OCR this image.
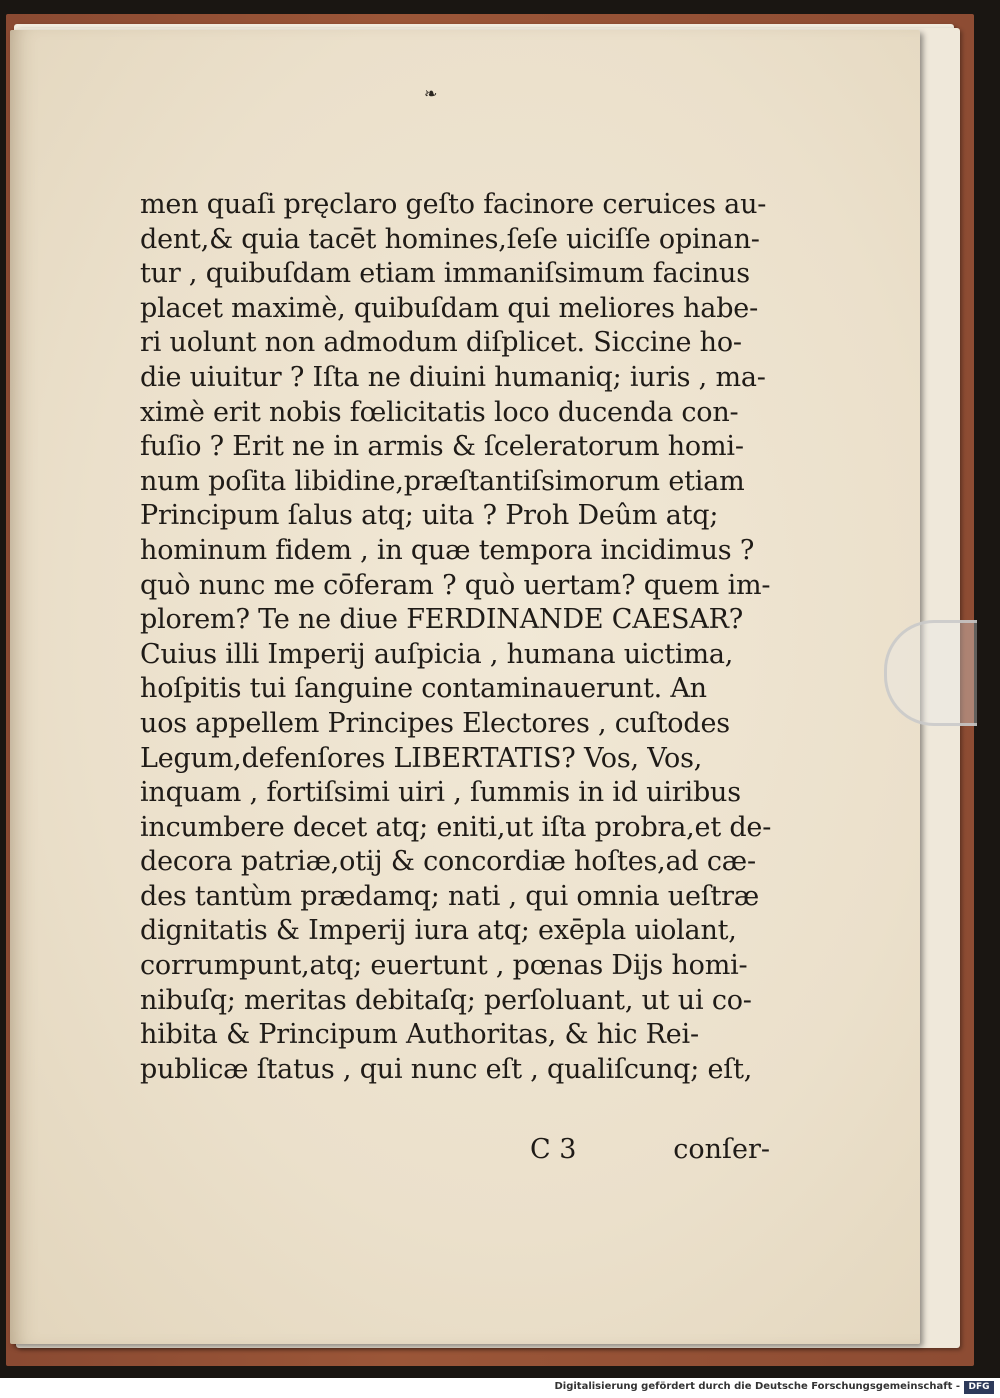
❧
men quaſi pręclaro geſto facinore ceruices au-
dent,& quia tacēt homines,ſeſe uiciſſe opinan-
tur , quibuſdam etiam immaniſsimum facinus
placet maximè, quibuſdam qui meliores habe-
ri uolunt non admodum diſplicet. Siccine ho-
die uiuitur ? Iſta ne diuini humaniq; iuris , ma-
ximè erit nobis fœlicitatis loco ducenda con-
fuſio ? Erit ne in armis & ſceleratorum homi-
num poſita libidine,præſtantiſsimorum etiam
Principum ſalus atq; uita ? Proh Deûm atq;
hominum fidem , in quæ tempora incidimus ?
quò nunc me cōferam ? quò uertam? quem im-
plorem? Te ne diue FERDINANDE CAESAR?
Cuius illi Imperij auſpicia , humana uictima,
hoſpitis tui ſanguine contaminauerunt. An
uos appellem Principes Electores , cuſtodes
Legum,defenſores LIBERTATIS? Vos, Vos,
inquam , fortiſsimi uiri , ſummis in id uiribus
incumbere decet atq; eniti,ut iſta probra,et de-
decora patriæ,otij & concordiæ hoſtes,ad cæ-
des tantùm prædamq; nati , qui omnia ueſtræ
dignitatis & Imperij iura atq; exēpla uiolant,
corrumpunt,atq; euertunt , pœnas Dijs homi-
nibuſq; meritas debitaſq; perſoluant, ut ui co-
hibita & Principum Authoritas, & hic Rei-
publicæ ſtatus , qui nunc eſt , qualiſcunq; eſt,
C 3	conſer-
Digitalisierung gefördert durch die Deutsche Forschungsgemeinschaft - DFG
